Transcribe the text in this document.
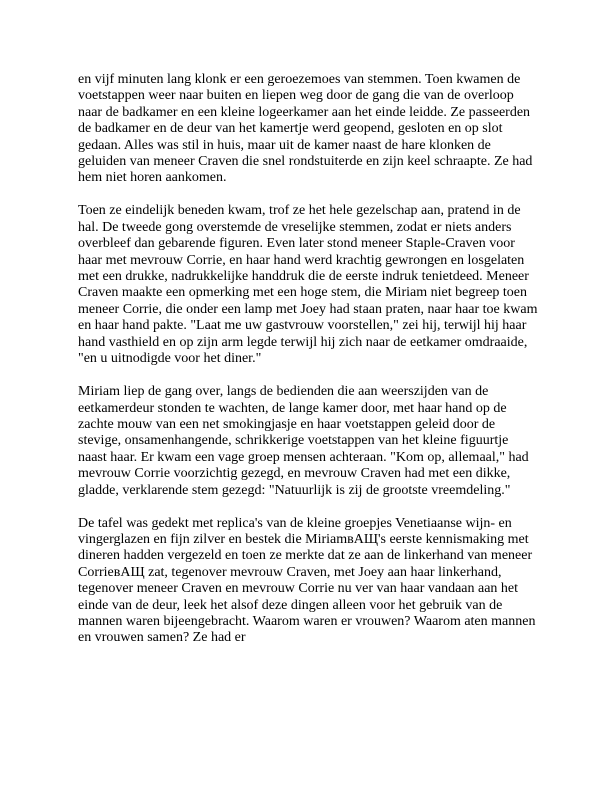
en vijf minuten lang klonk er een geroezemoes van stemmen. Toen kwamen de voetstappen weer naar buiten en liepen weg door de gang die van de overloop naar de badkamer en een kleine logeerkamer aan het einde leidde. Ze passeerden de badkamer en de deur van het kamertje werd geopend, gesloten en op slot gedaan. Alles was stil in huis, maar uit de kamer naast de hare klonken de geluiden van meneer Craven die snel rondstuiterde en zijn keel schraapte. Ze had hem niet horen aankomen.

Toen ze eindelijk beneden kwam, trof ze het hele gezelschap aan, pratend in de hal. De tweede gong overstemde de vreselijke stemmen, zodat er niets anders overbleef dan gebarende figuren. Even later stond meneer Staple-Craven voor haar met mevrouw Corrie, en haar hand werd krachtig gewrongen en losgelaten met een drukke, nadrukkelijke handdruk die de eerste indruk tenietdeed. Meneer Craven maakte een opmerking met een hoge stem, die Miriam niet begreep toen meneer Corrie, die onder een lamp met Joey had staan praten, naar haar toe kwam en haar hand pakte. "Laat me uw gastvrouw voorstellen," zei hij, terwijl hij haar hand vasthield en op zijn arm legde terwijl hij zich naar de eetkamer omdraaide, "en u uitnodigde voor het diner."

Miriam liep de gang over, langs de bedienden die aan weerszijden van de eetkamerdeur stonden te wachten, de lange kamer door, met haar hand op de zachte mouw van een net smokingjasje en haar voetstappen geleid door de stevige, onsamenhangende, schrikkerige voetstappen van het kleine figuurtje naast haar. Er kwam een vage groep mensen achteraan. "Kom op, allemaal," had mevrouw Corrie voorzichtig gezegd, en mevrouw Craven had met een dikke, gladde, verklarende stem gezegd: "Natuurlijk is zij de grootste vreemdeling."

De tafel was gedekt met replica's van de kleine groepjes Venetiaanse wijn- en vingerglazen en fijn zilver en bestek die MiriamвАЩ's eerste kennismaking met dineren hadden vergezeld en toen ze merkte dat ze aan de linkerhand van meneer CorrieвАЩ zat, tegenover mevrouw Craven, met Joey aan haar linkerhand, tegenover meneer Craven en mevrouw Corrie nu ver van haar vandaan aan het einde van de deur, leek het alsof deze dingen alleen voor het gebruik van de mannen waren bijeengebracht. Waarom waren er vrouwen? Waarom aten mannen en vrouwen samen? Ze had er
